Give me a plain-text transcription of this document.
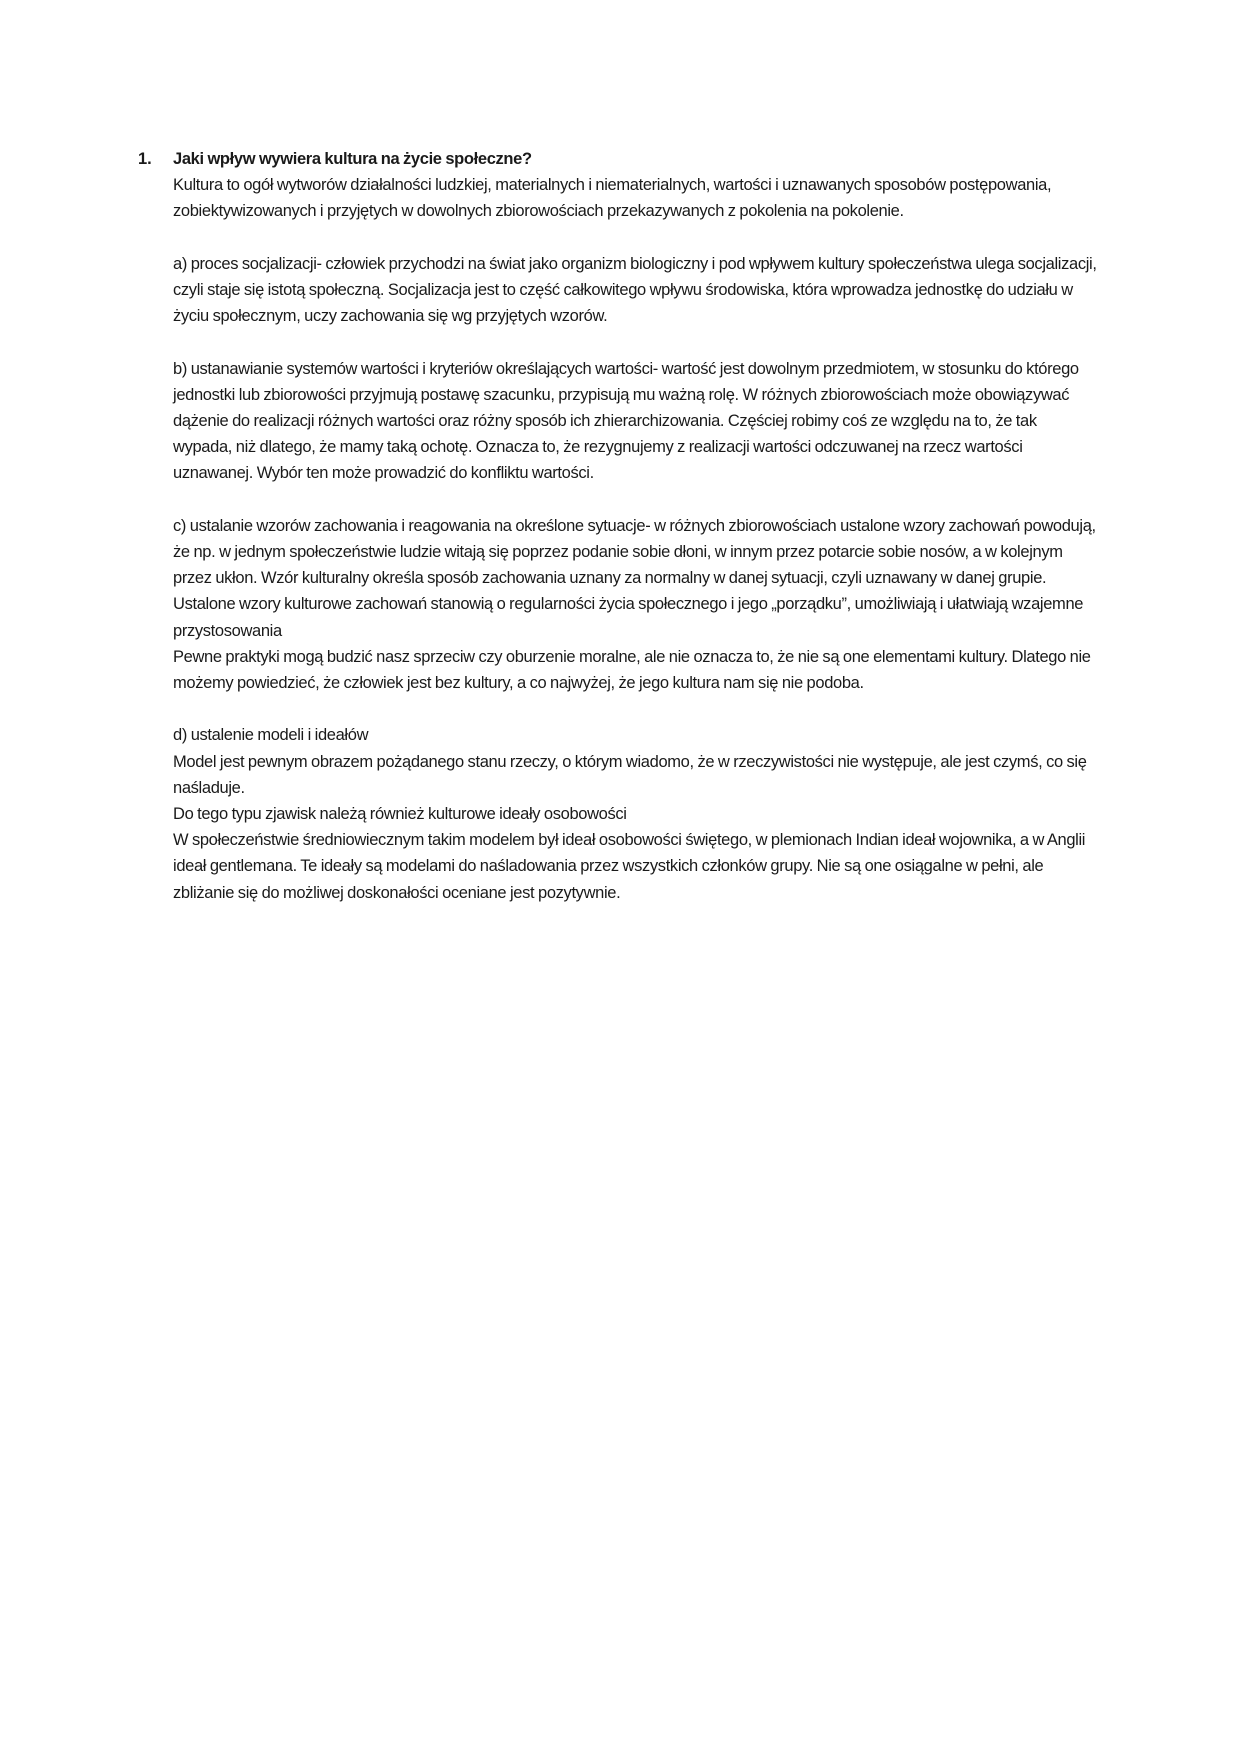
1. Jaki wpływ wywiera kultura na życie społeczne?

Kultura to ogół wytworów działalności ludzkiej, materialnych i niematerialnych, wartości i uznawanych sposobów postępowania, zobiektywizowanych i przyjętych w dowolnych zbiorowościach przekazywanych z pokolenia na pokolenie.

a) proces socjalizacji- człowiek przychodzi na świat jako organizm biologiczny i pod wpływem kultury społeczeństwa ulega socjalizacji, czyli staje się istotą społeczną. Socjalizacja jest to część całkowitego wpływu środowiska, która wprowadza jednostkę do udziału w życiu społecznym, uczy zachowania się wg przyjętych wzorów.

b) ustanawianie systemów wartości i kryteriów określających wartości- wartość jest dowolnym przedmiotem, w stosunku do którego jednostki lub zbiorowości przyjmują postawę szacunku, przypisują mu ważną rolę. W różnych zbiorowościach może obowiązywać dążenie do realizacji różnych wartości oraz różny sposób ich zhierarchizowania. Częściej robimy coś ze względu na to, że tak wypada, niż dlatego, że mamy taką ochotę. Oznacza to, że rezygnujemy z realizacji wartości odczuwanej na rzecz wartości uznawanej. Wybór ten może prowadzić do konfliktu wartości.

c) ustalanie wzorów zachowania i reagowania na określone sytuacje- w różnych zbiorowościach ustalone wzory zachowań powodują, że np. w jednym społeczeństwie ludzie witają się poprzez podanie sobie dłoni, w innym przez potarcie sobie nosów, a w kolejnym przez ukłon. Wzór kulturalny określa sposób zachowania uznany za normalny w danej sytuacji, czyli uznawany w danej grupie. Ustalone wzory kulturowe zachowań stanowią o regularności życia społecznego i jego „porządku”, umożliwiają i ułatwiają wzajemne przystosowania

Pewne praktyki mogą budzić nasz sprzeciw czy oburzenie moralne, ale nie oznacza to, że nie są one elementami kultury. Dlatego nie możemy powiedzieć, że człowiek jest bez kultury, a co najwyżej, że jego kultura nam się nie podoba.

d) ustalenie modeli i ideałów

Model jest pewnym obrazem pożądanego stanu rzeczy, o którym wiadomo, że w rzeczywistości nie występuje, ale jest czymś, co się naśladuje.

Do tego typu zjawisk należą również kulturowe ideały osobowości

W społeczeństwie średniowiecznym takim modelem był ideał osobowości świętego, w plemionach Indian ideał wojownika, a w Anglii ideał gentlemana. Te ideały są modelami do naśladowania przez wszystkich członków grupy. Nie są one osiągalne w pełni, ale zbliżanie się do możliwej doskonałości oceniane jest pozytywnie.
